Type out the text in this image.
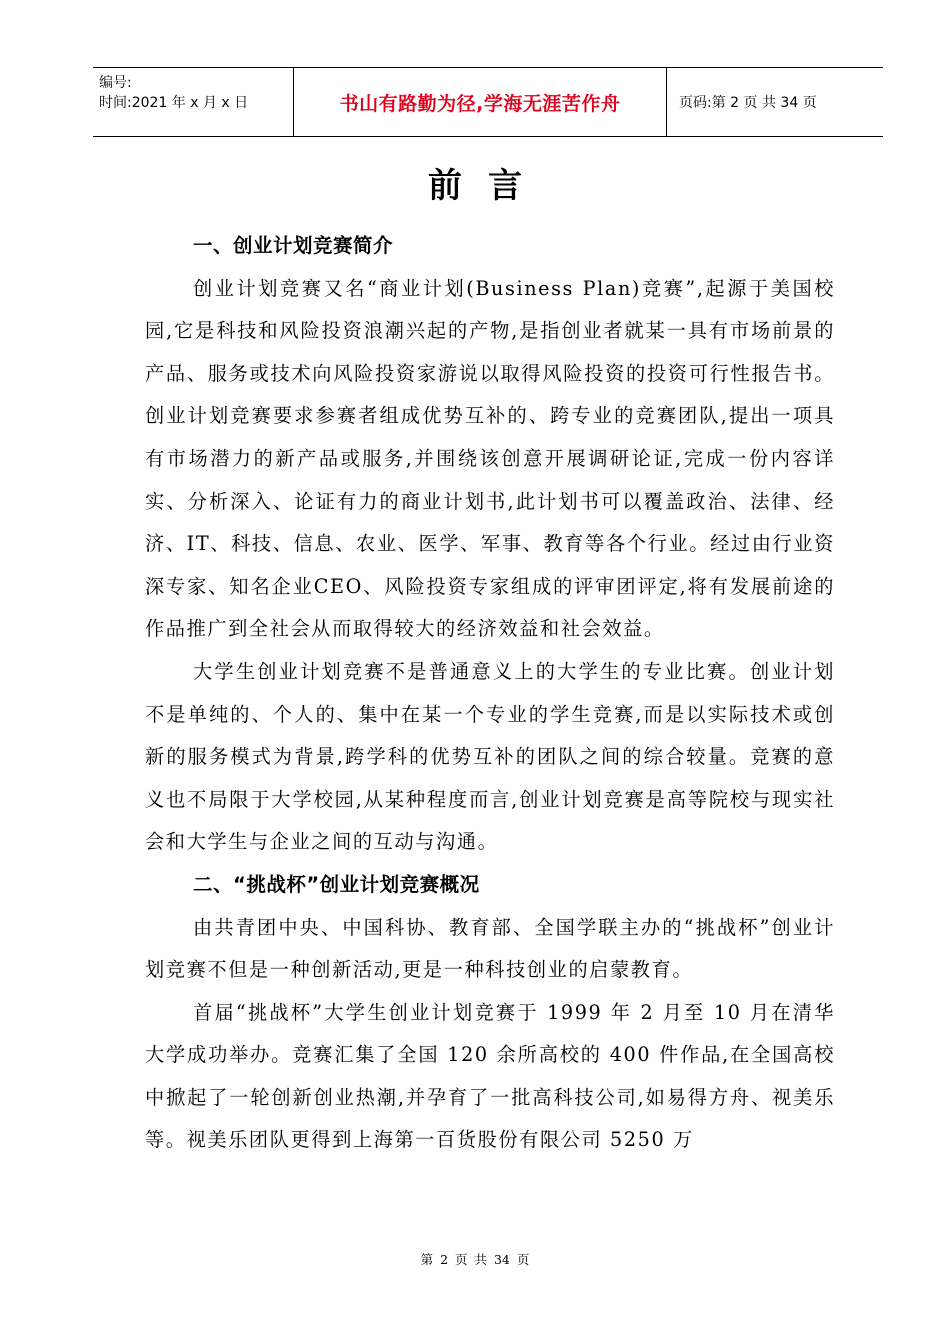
编号:
时间:2021 年 x 月 x 日	书山有路勤为径,学海无涯苦作舟	页码:第 2 页 共 34 页
前言
一、创业计划竞赛简介

创业计划竞赛又名“商业计划(Business Plan)竞赛”,起源于美国校园,它是科技和风险投资浪潮兴起的产物,是指创业者就某一具有市场前景的产品、服务或技术向风险投资家游说以取得风险投资的投资可行性报告书。创业计划竞赛要求参赛者组成优势互补的、跨专业的竞赛团队,提出一项具有市场潜力的新产品或服务,并围绕该创意开展调研论证,完成一份内容详实、分析深入、论证有力的商业计划书,此计划书可以覆盖政治、法律、经济、IT、科技、信息、农业、医学、军事、教育等各个行业。经过由行业资深专家、知名企业CEO、风险投资专家组成的评审团评定,将有发展前途的作品推广到全社会从而取得较大的经济效益和社会效益。

大学生创业计划竞赛不是普通意义上的大学生的专业比赛。创业计划不是单纯的、个人的、集中在某一个专业的学生竞赛,而是以实际技术或创新的服务模式为背景,跨学科的优势互补的团队之间的综合较量。竞赛的意义也不局限于大学校园,从某种程度而言,创业计划竞赛是高等院校与现实社会和大学生与企业之间的互动与沟通。

二、“挑战杯”创业计划竞赛概况

由共青团中央、中国科协、教育部、全国学联主办的“挑战杯”创业计划竞赛不但是一种创新活动,更是一种科技创业的启蒙教育。

首届“挑战杯”大学生创业计划竞赛于 1999 年 2 月至 10 月在清华大学成功举办。竞赛汇集了全国 120 余所高校的 400 件作品,在全国高校中掀起了一轮创新创业热潮,并孕育了一批高科技公司,如易得方舟、视美乐等。视美乐团队更得到上海第一百货股份有限公司 5250 万

第 2 页 共 34 页
